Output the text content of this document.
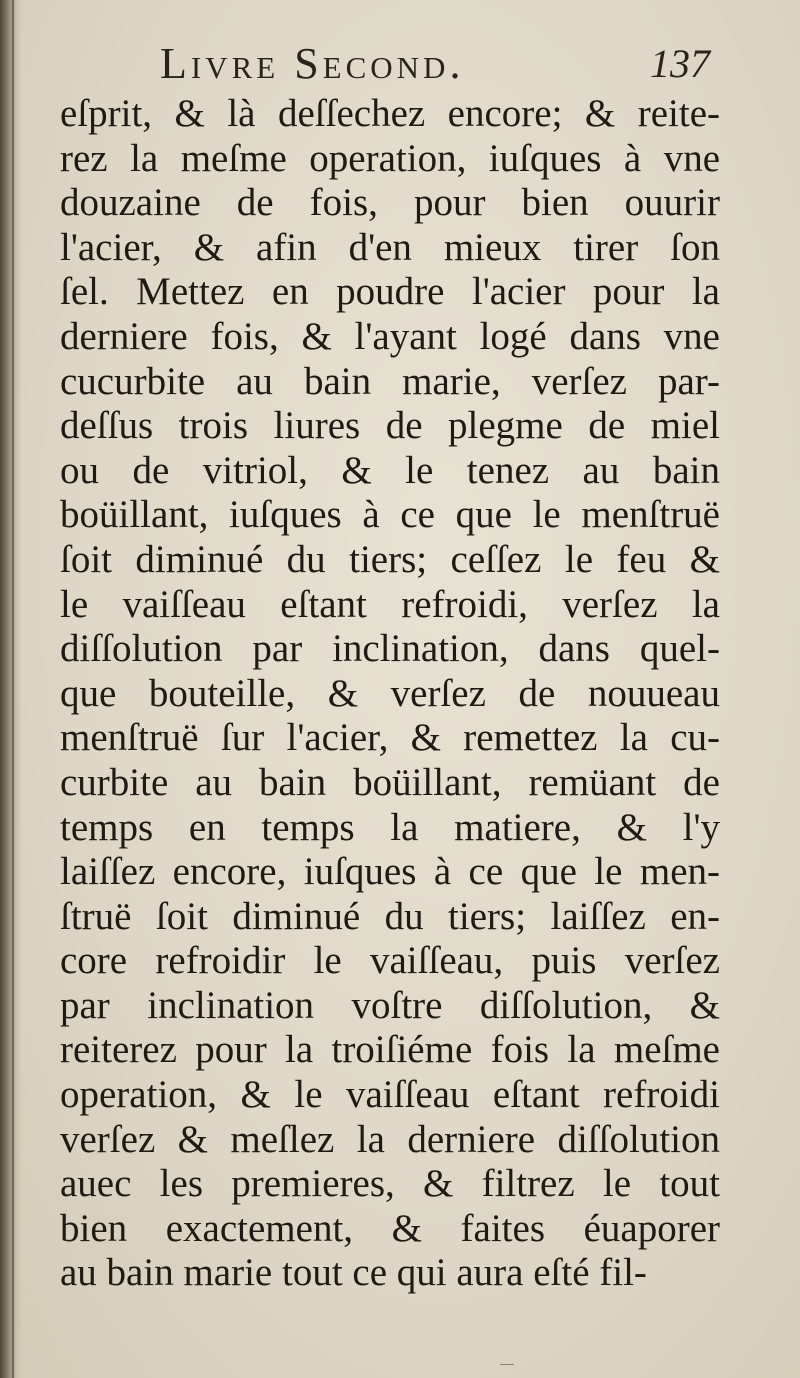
Livre Second.	137
eſprit, & là deſſechez encore; & reite-
rez la meſme operation, iuſques à vne
douzaine de fois, pour bien ouurir
l'acier, & afin d'en mieux tirer ſon
ſel. Mettez en poudre l'acier pour la
derniere fois, & l'ayant logé dans vne
cucurbite au bain marie, verſez par-
deſſus trois liures de plegme de miel
ou de vitriol, & le tenez au bain
boüillant, iuſques à ce que le menſtruë
ſoit diminué du tiers; ceſſez le feu &
le vaiſſeau eſtant refroidi, verſez la
diſſolution par inclination, dans quel-
que bouteille, & verſez de nouueau
menſtruë ſur l'acier, & remettez la cu-
curbite au bain boüillant, remüant de
temps en temps la matiere, & l'y
laiſſez encore, iuſques à ce que le men-
ſtruë ſoit diminué du tiers; laiſſez en-
core refroidir le vaiſſeau, puis verſez
par inclination voſtre diſſolution, &
reiterez pour la troiſiéme fois la meſme
operation, & le vaiſſeau eſtant refroidi
verſez & meſlez la derniere diſſolution
auec les premieres, & filtrez le tout
bien exactement, & faites éuaporer
au bain marie tout ce qui aura eſté fil-
